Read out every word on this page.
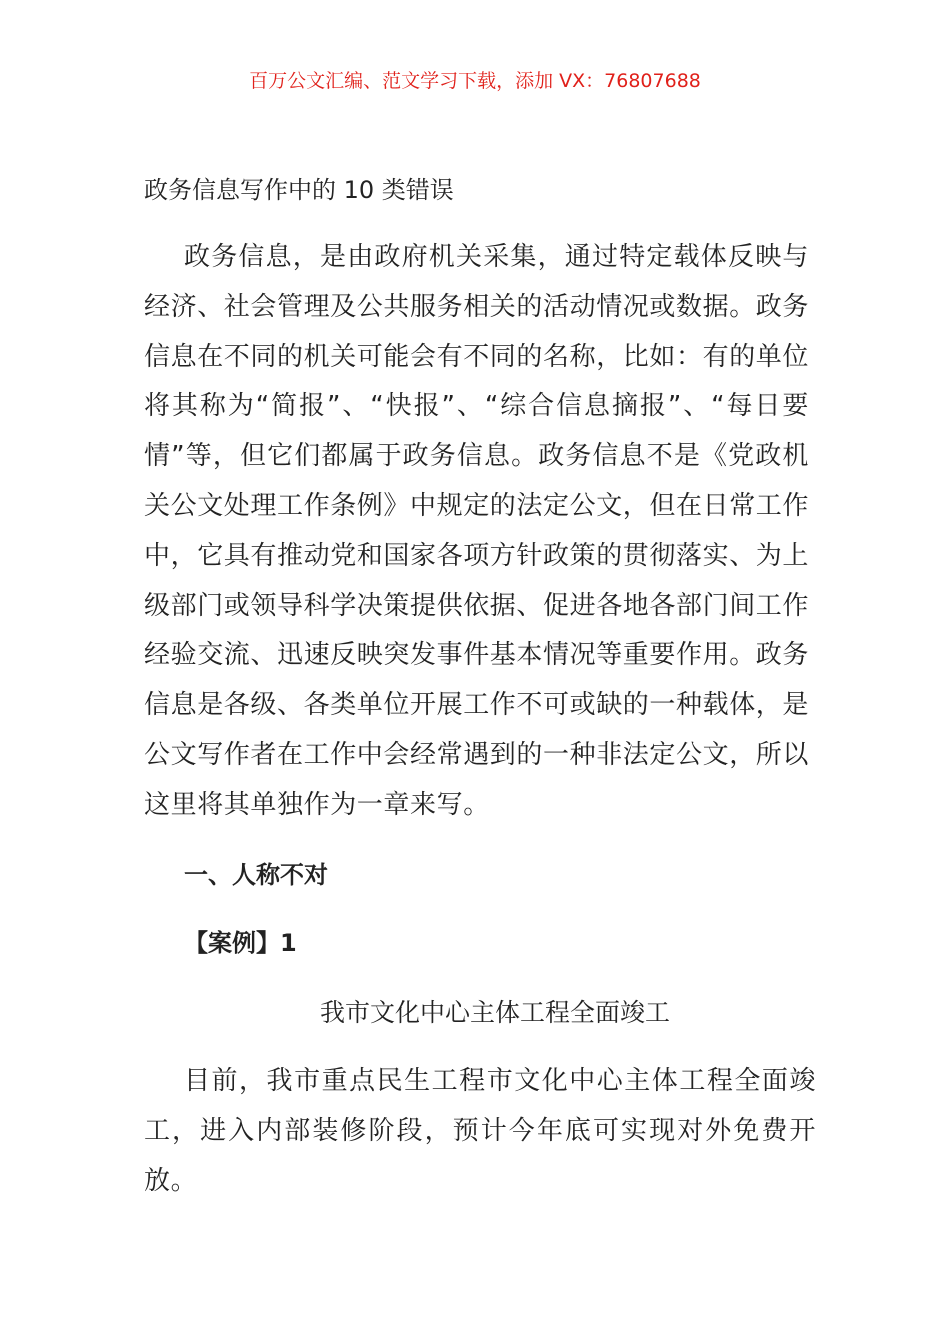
百万公文汇编、范文学习下载，添加 VX：76807688
政务信息写作中的 10 类错误

政务信息，是由政府机关采集，通过特定载体反映与经济、社会管理及公共服务相关的活动情况或数据。政务信息在不同的机关可能会有不同的名称，比如：有的单位将其称为“简报”、“快报”、“综合信息摘报”、“每日要情”等，但它们都属于政务信息。政务信息不是《党政机关公文处理工作条例》中规定的法定公文，但在日常工作中，它具有推动党和国家各项方针政策的贯彻落实、为上级部门或领导科学决策提供依据、促进各地各部门间工作经验交流、迅速反映突发事件基本情况等重要作用。政务信息是各级、各类单位开展工作不可或缺的一种载体，是公文写作者在工作中会经常遇到的一种非法定公文，所以这里将其单独作为一章来写。

一、人称不对
【案例】1
我市文化中心主体工程全面竣工

目前，我市重点民生工程市文化中心主体工程全面竣工，进入内部装修阶段，预计今年底可实现对外免费开放。
